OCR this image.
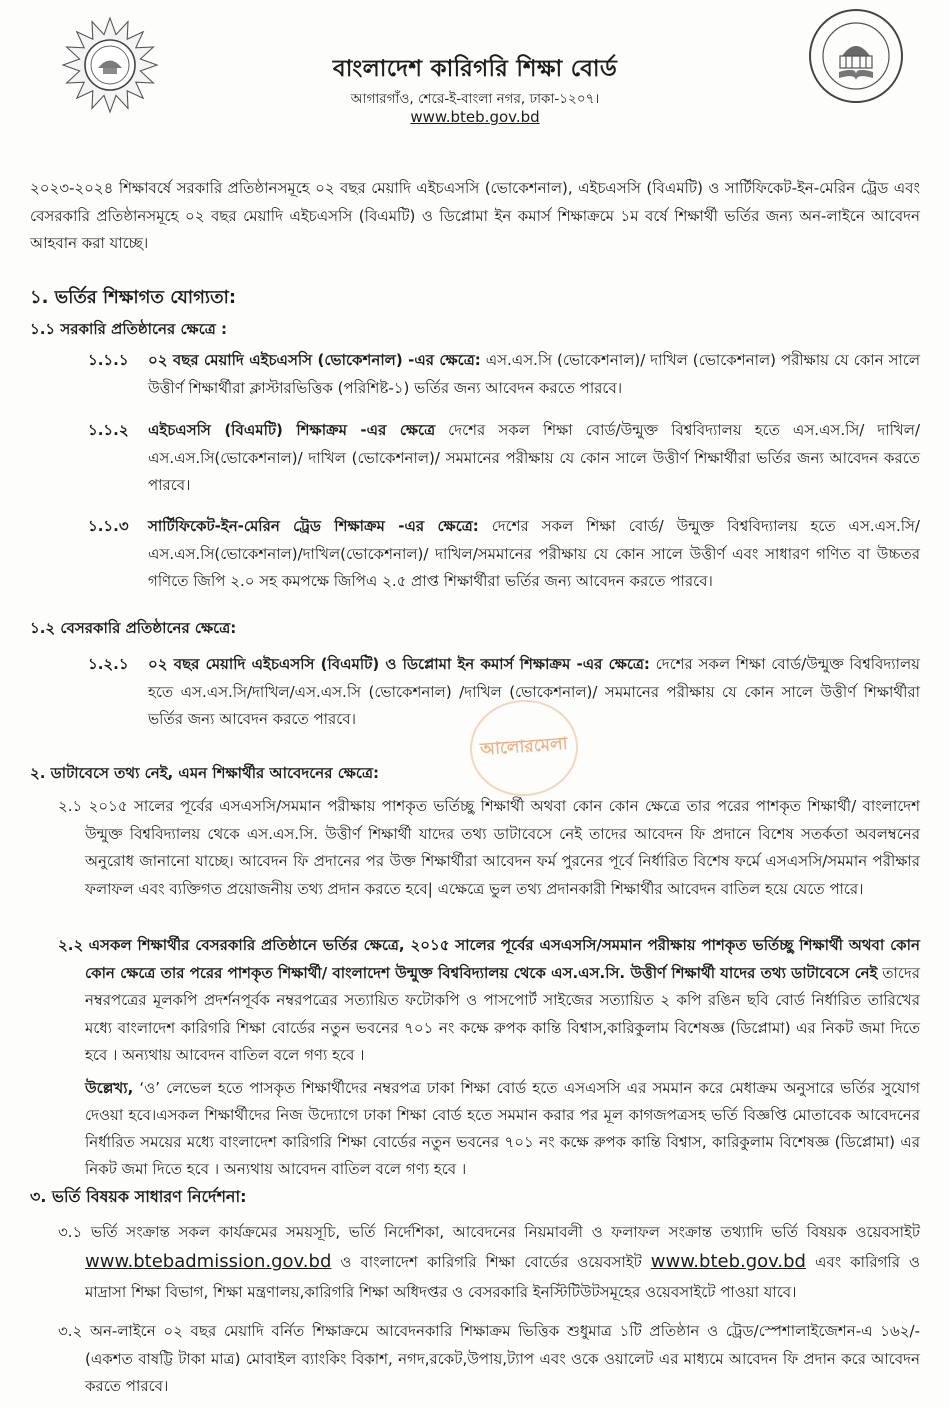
বাংলাদেশ কারিগরি শিক্ষা বোর্ড

আগারগাঁও, শেরে-ই-বাংলা নগর, ঢাকা-১২০৭।

www.bteb.gov.bd

২০২৩-২০২৪ শিক্ষাবর্ষে সরকারি প্রতিষ্ঠানসমূহে ০২ বছর মেয়াদি এইচএসসি (ভোকেশনাল), এইচএসসি (বিএমটি) ও সার্টিফিকেট-ইন-মেরিন ট্রেড এবং বেসরকারি প্রতিষ্ঠানসমূহে ০২ বছর মেয়াদি এইচএসসি (বিএমটি) ও ডিপ্লোমা ইন কমার্স শিক্ষাক্রমে ১ম বর্ষে শিক্ষার্থী ভর্তির জন্য অন-লাইনে আবেদন আহবান করা যাচ্ছে।

১. ভর্তির শিক্ষাগত যোগ্যতা:

১.১ সরকারি প্রতিষ্ঠানের ক্ষেত্রে :

১.১.১	০২ বছর মেয়াদি এইচএসসি (ভোকেশনাল) -এর ক্ষেত্রে: এস.এস.সি (ভোকেশনাল)/ দাখিল (ভোকেশনাল) পরীক্ষায় যে কোন সালে উত্তীর্ণ শিক্ষার্থীরা ক্লাস্টারভিত্তিক (পরিশিষ্ট-১) ভর্তির জন্য আবেদন করতে পারবে।

১.১.২	এইচএসসি (বিএমটি) শিক্ষাক্রম -এর ক্ষেত্রে দেশের সকল শিক্ষা বোর্ড/উন্মুক্ত বিশ্ববিদ্যালয় হতে এস.এস.সি/ দাখিল/ এস.এস.সি(ভোকেশনাল)/ দাখিল (ভোকেশনাল)/ সমমানের পরীক্ষায় যে কোন সালে উত্তীর্ণ শিক্ষার্থীরা ভর্তির জন্য আবেদন করতে পারবে।

১.১.৩	সার্টিফিকেট-ইন-মেরিন ট্রেড শিক্ষাক্রম -এর ক্ষেত্রে: দেশের সকল শিক্ষা বোর্ড/ উন্মুক্ত বিশ্ববিদ্যালয় হতে এস.এস.সি/এস.এস.সি(ভোকেশনাল)/দাখিল(ভোকেশনাল)/ দাখিল/সমমানের পরীক্ষায় যে কোন সালে উত্তীর্ণ এবং সাধারণ গণিত বা উচ্চতর গণিতে জিপি ২.০ সহ কমপক্ষে জিপিএ ২.৫ প্রাপ্ত শিক্ষার্থীরা ভর্তির জন্য আবেদন করতে পারবে।

১.২ বেসরকারি প্রতিষ্ঠানের ক্ষেত্রে:

১.২.১	০২ বছর মেয়াদি এইচএসসি (বিএমটি) ও ডিপ্লোমা ইন কমার্স শিক্ষাক্রম -এর ক্ষেত্রে: দেশের সকল শিক্ষা বোর্ড/উন্মুক্ত বিশ্ববিদ্যালয় হতে এস.এস.সি/দাখিল/এস.এস.সি (ভোকেশনাল) /দাখিল (ভোকেশনাল)/ সমমানের পরীক্ষায় যে কোন সালে উত্তীর্ণ শিক্ষার্থীরা ভর্তির জন্য আবেদন করতে পারবে।

আলোরমেলা

২. ডাটাবেসে তথ্য নেই, এমন শিক্ষার্থীর আবেদনের ক্ষেত্রে:

২.১ ২০১৫ সালের পূর্বের এসএসসি/সমমান পরীক্ষায় পাশকৃত ভর্তিচ্ছু শিক্ষার্থী অথবা কোন কোন ক্ষেত্রে তার পরের পাশকৃত শিক্ষার্থী/ বাংলাদেশ উন্মুক্ত বিশ্ববিদ্যালয় থেকে এস.এস.সি. উত্তীর্ণ শিক্ষার্থী যাদের তথ্য ডাটাবেসে নেই তাদের আবেদন ফি প্রদানে বিশেষ সতর্কতা অবলম্বনের অনুরোধ জানানো যাচ্ছে। আবেদন ফি প্রদানের পর উক্ত শিক্ষার্থীরা আবেদন ফর্ম পুরনের পূর্বে নির্ধারিত বিশেষ ফর্মে এসএসসি/সমমান পরীক্ষার ফলাফল এবং ব্যক্তিগত প্রয়োজনীয় তথ্য প্রদান করতে হবে| এক্ষেত্রে ভুল তথ্য প্রদানকারী শিক্ষার্থীর আবেদন বাতিল হয়ে যেতে পারে।

২.২ এসকল শিক্ষার্থীর বেসরকারি প্রতিষ্ঠানে ভর্তির ক্ষেত্রে, ২০১৫ সালের পূর্বের এসএসসি/সমমান পরীক্ষায় পাশকৃত ভর্তিচ্ছু শিক্ষার্থী অথবা কোন কোন ক্ষেত্রে তার পরের পাশকৃত শিক্ষার্থী/ বাংলাদেশ উন্মুক্ত বিশ্ববিদ্যালয় থেকে এস.এস.সি. উত্তীর্ণ শিক্ষার্থী যাদের তথ্য ডাটাবেসে নেই তাদের নম্বরপত্রের মূলকপি প্রদর্শনপূর্বক নম্বরপত্রের সত্যায়িত ফটোকপি ও পাসপোর্ট সাইজের সত্যায়িত ২ কপি রঙিন ছবি বোর্ড নির্ধারিত তারিখের মধ্যে বাংলাদেশ কারিগরি শিক্ষা বোর্ডের নতুন ভবনের ৭০১ নং কক্ষে রুপক কান্তি বিশ্বাস,কারিকুলাম বিশেষজ্ঞ (ডিপ্লোমা) এর নিকট জমা দিতে হবে । অন্যথায় আবেদন বাতিল বলে গণ্য হবে ।

উল্লেখ্য, ‘ও’ লেভেল হতে পাসকৃত শিক্ষার্থীদের নম্বরপত্র ঢাকা শিক্ষা বোর্ড হতে এসএসসি এর সমমান করে মেধাক্রম অনুসারে ভর্তির সুযোগ দেওয়া হবে।এসকল শিক্ষার্থীদের নিজ উদ্যোগে ঢাকা শিক্ষা বোর্ড হতে সমমান করার পর মূল কাগজপত্রসহ ভর্তি বিজ্ঞপ্তি মোতাবেক আবেদনের নির্ধারিত সময়ের মধ্যে বাংলাদেশ কারিগরি শিক্ষা বোর্ডের নতুন ভবনের ৭০১ নং কক্ষে রুপক কান্তি বিশ্বাস, কারিকুলাম বিশেষজ্ঞ (ডিপ্লোমা) এর নিকট জমা দিতে হবে । অন্যথায় আবেদন বাতিল বলে গণ্য হবে ।

৩. ভর্তি বিষয়ক সাধারণ নির্দেশনা:

৩.১ ভর্তি সংক্রান্ত সকল কার্যক্রমের সময়সূচি, ভর্তি নির্দেশিকা, আবেদনের নিয়মাবলী ও ফলাফল সংক্রান্ত তথ্যাদি ভর্তি বিষয়ক ওয়েবসাইট www.btebadmission.gov.bd ও বাংলাদেশ কারিগরি শিক্ষা বোর্ডের ওয়েবসাইট www.bteb.gov.bd এবং কারিগরি ও মাদ্রাসা শিক্ষা বিভাগ, শিক্ষা মন্ত্রণালয়,কারিগরি শিক্ষা অধিদপ্তর ও বেসরকারি ইনস্টিটিউটসমূহের ওয়েবসাইটে পাওয়া যাবে।

৩.২ অন-লাইনে ০২ বছর মেয়াদি বর্নিত শিক্ষাক্রমে আবেদনকারি শিক্ষাক্রম ভিত্তিক শুধুমাত্র ১টি প্রতিষ্ঠান ও ট্রেড/স্পেশালাইজেশন-এ ১৬২/- (একশত বাষট্টি টাকা মাত্র) মোবাইল ব্যাংকিং বিকাশ, নগদ,রকেট,উপায়,ট্যাপ এবং ওকে ওয়ালেট এর মাধ্যমে আবেদন ফি প্রদান করে আবেদন করতে পারবে।
